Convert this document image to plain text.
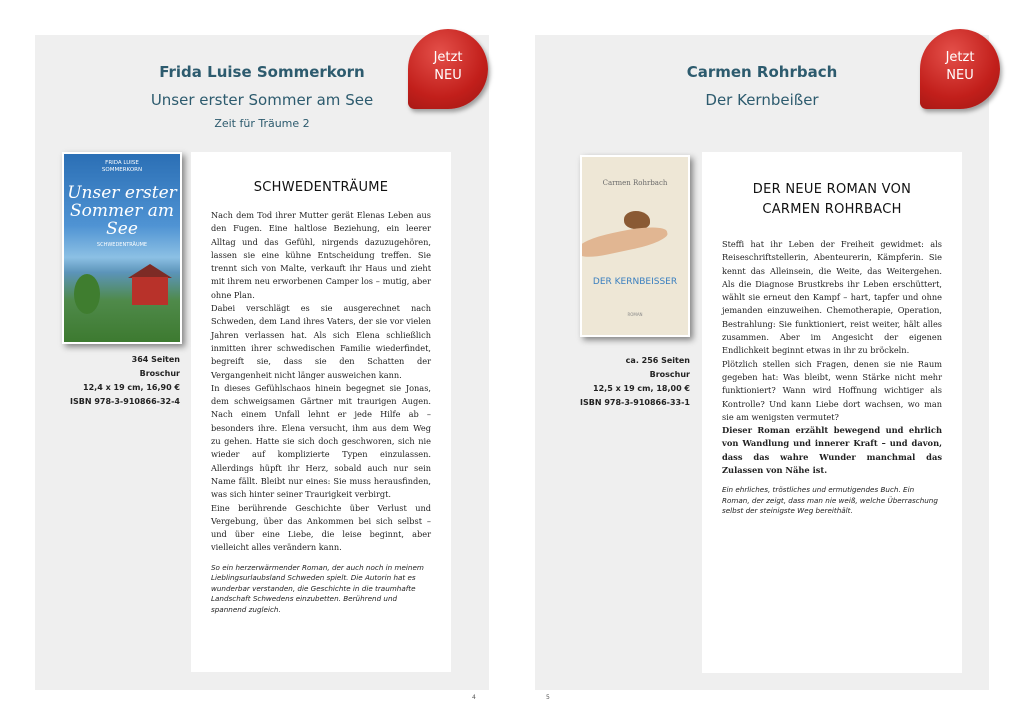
Frida Luise Sommerkorn
Unser erster Sommer am See
Zeit für Träume 2
Jetzt
NEU
FRIDA LUISE
SOMMERKORN
Unser erster Sommer am See
SCHWEDENTRÄUME
364 Seiten
Broschur
12,4 x 19 cm, 16,90 €
ISBN 978-3-910866-32-4
SCHWEDENTRÄUME

Nach dem Tod ihrer Mutter gerät Elenas Leben aus den Fugen. Eine haltlose Beziehung, ein leerer Alltag und das Gefühl, nirgends dazuzugehören, lassen sie eine kühne Entscheidung treffen. Sie trennt sich von Malte, verkauft ihr Haus und zieht mit ihrem neu erworbenen Camper los – mutig, aber ohne Plan.

Dabei verschlägt es sie ausgerechnet nach Schweden, dem Land ihres Vaters, der sie vor vielen Jahren verlassen hat. Als sich Elena schließlich inmitten ihrer schwedischen Familie wiederfindet, begreift sie, dass sie den Schatten der Vergangenheit nicht länger ausweichen kann.

In dieses Gefühlschaos hinein begegnet sie Jonas, dem schweigsamen Gärtner mit traurigen Augen. Nach einem Unfall lehnt er jede Hilfe ab – besonders ihre. Elena versucht, ihm aus dem Weg zu gehen. Hatte sie sich doch geschworen, sich nie wieder auf komplizierte Typen einzulassen. Allerdings hüpft ihr Herz, sobald auch nur sein Name fällt. Bleibt nur eines: Sie muss herausfinden, was sich hinter seiner Traurigkeit verbirgt.

Eine berührende Geschichte über Verlust und Vergebung, über das Ankommen bei sich selbst – und über eine Liebe, die leise beginnt, aber vielleicht alles verändern kann.

So ein herzerwärmender Roman, der auch noch in meinem Lieblingsurlaubsland Schweden spielt. Die Autorin hat es wunderbar verstanden, die Geschichte in die traumhafte Landschaft Schwedens einzubetten. Berührend und spannend zugleich.
4
Carmen Rohrbach
Der Kernbeißer
Jetzt
NEU
Carmen Rohrbach
DER KERNBEISSER
ROMAN
ca. 256 Seiten
Broschur
12,5 x 19 cm, 18,00 €
ISBN 978-3-910866-33-1
DER NEUE ROMAN VON
CARMEN ROHRBACH

Steffi hat ihr Leben der Freiheit gewidmet: als Reiseschriftstellerin, Abenteurerin, Kämpferin. Sie kennt das Alleinsein, die Weite, das Weitergehen. Als die Diagnose Brustkrebs ihr Leben erschüttert, wählt sie erneut den Kampf – hart, tapfer und ohne jemanden einzuweihen. Chemotherapie, Operation, Bestrahlung: Sie funktioniert, reist weiter, hält alles zusammen. Aber im Angesicht der eigenen Endlichkeit beginnt etwas in ihr zu bröckeln.

Plötzlich stellen sich Fragen, denen sie nie Raum gegeben hat: Was bleibt, wenn Stärke nicht mehr funktioniert? Wann wird Hoffnung wichtiger als Kontrolle? Und kann Liebe dort wachsen, wo man sie am wenigsten vermutet?

Dieser Roman erzählt bewegend und ehrlich von Wandlung und innerer Kraft – und davon, dass das wahre Wunder manchmal das Zulassen von Nähe ist.

Ein ehrliches, tröstliches und ermutigendes Buch. Ein Roman, der zeigt, dass man nie weiß, welche Überraschung selbst der steinigste Weg bereithält.
5
